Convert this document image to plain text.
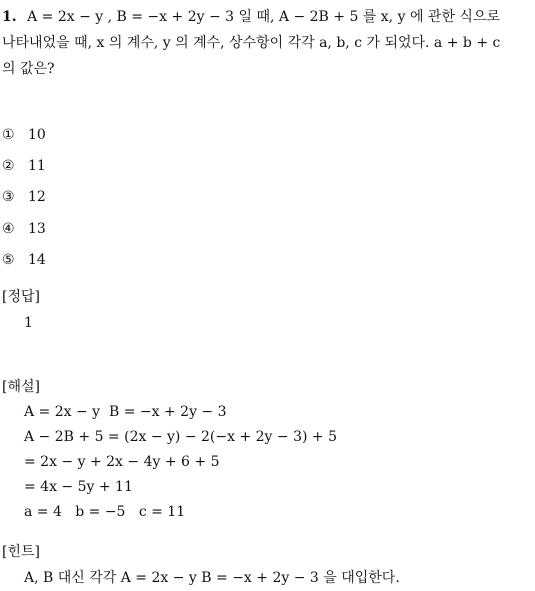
1. A = 2x − y , B = −x + 2y − 3 일 때, A − 2B + 5 를 x, y 에 관한 식으로
나타내었을 때, x 의 계수, y 의 계수, 상수항이 각각 a, b, c 가 되었다. a + b + c
의 값은?
① 10
② 11
③ 12
④ 13
⑤ 14
[정답]
1
[해설]
A = 2x − y  B = −x + 2y − 3
A − 2B + 5 = (2x − y) − 2(−x + 2y − 3) + 5
= 2x − y + 2x − 4y + 6 + 5
= 4x − 5y + 11
a = 4   b = −5   c = 11
[힌트]
A, B 대신 각각 A = 2x − y B = −x + 2y − 3 을 대입한다.
